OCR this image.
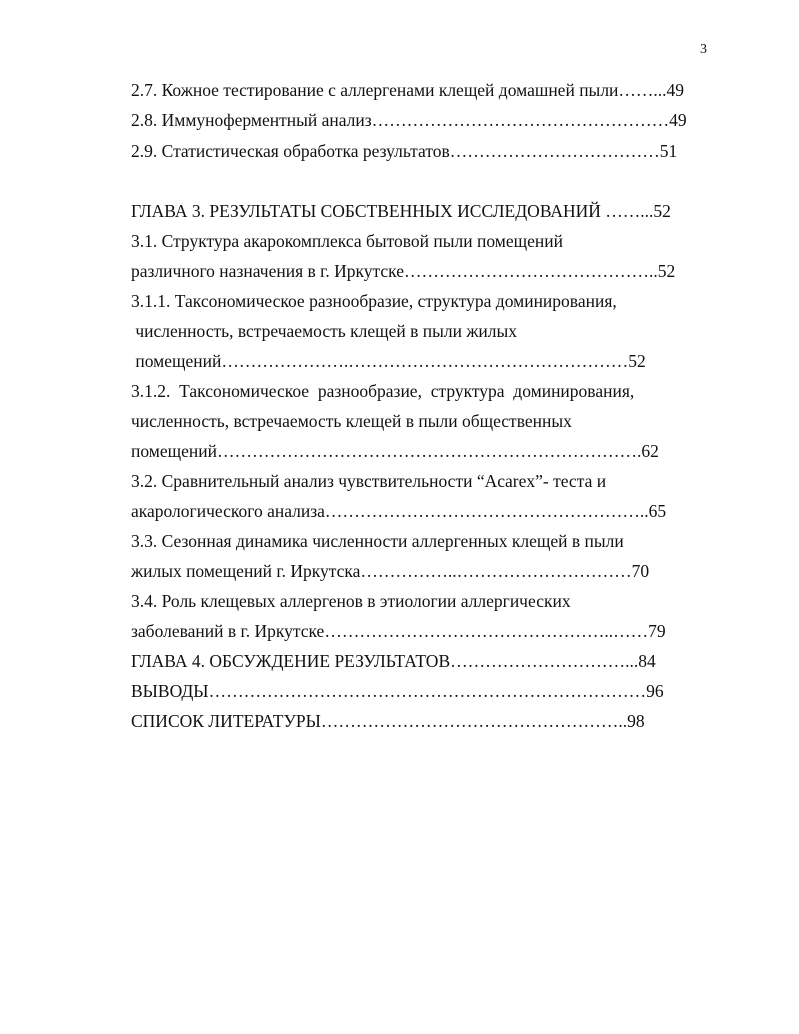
3
2.7. Кожное тестирование с аллергенами клещей домашней пыли……...49
2.8. Иммуноферментный анализ……………………………………………49
2.9. Статистическая обработка результатов………………………………51
ГЛАВА 3. РЕЗУЛЬТАТЫ СОБСТВЕННЫХ ИССЛЕДОВАНИЙ ……...52
3.1. Структура акарокомплекса бытовой пыли помещений
различного назначения в г. Иркутске……………………………………..52
3.1.1. Таксономическое разнообразие, структура доминирования,
численность, встречаемость клещей в пыли жилых
помещений………………….…………………………………………52
3.1.2.  Таксономическое  разнообразие,  структура  доминирования,
численность, встречаемость клещей в пыли общественных
помещений……………………………………………………………….62
3.2. Сравнительный анализ чувствительности “Acarex”- теста и
акарологического анализа………………………………………………..65
3.3. Сезонная динамика численности аллергенных клещей в пыли
жилых помещений г. Иркутска……………..…………………………70
3.4. Роль клещевых аллергенов в этиологии аллергических
заболеваний в г. Иркутске…………………………………………..……79
ГЛАВА 4. ОБСУЖДЕНИЕ РЕЗУЛЬТАТОВ…………………………...84
ВЫВОДЫ…………………………………………………………………96
СПИСОК ЛИТЕРАТУРЫ……………………………………………..98
